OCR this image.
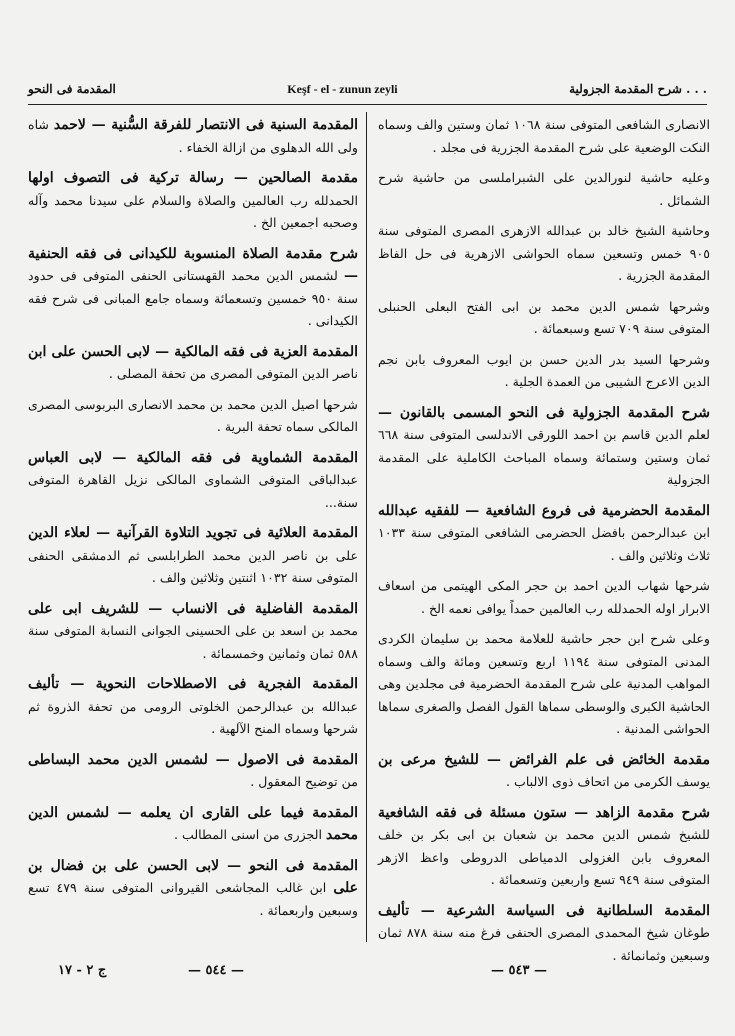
المقدمة فى النحو	Keşf - el - zunun zeyli	شرح المقدمة الجزولية . . .

الانصارى الشافعى المتوفى سنة ١٠٦٨ ثمان وستين والف وسماه النكت الوضعية على شرح المقدمة الجزرية فى مجلد .

وعليه حاشية لنورالدين على الشبراملسى من حاشية شرح الشمائل .

وحاشية الشيخ خالد بن عبدالله الازهرى المصرى المتوفى سنة ٩٠٥ خمس وتسعين سماه الحواشى الازهرية فى حل الفاظ المقدمة الجزرية .

وشرحها شمس الدين محمد بن ابى الفتح البعلى الحنبلى المتوفى سنة ٧٠٩ تسع وسبعمائة .

وشرحها السيد بدر الدين حسن بن ايوب المعروف بابن نجم الدين الاعرج الشيبى من العمدة الجلية .

شرح المقدمة الجزولية فى النحو المسمى بالقانون — لعلم الدين قاسم بن احمد اللورقى الاندلسى المتوفى سنة ٦٦٨ ثمان وستين وستمائة وسماه المباحث الكاملية على المقدمة الجزولية

المقدمة الحضرمية فى فروع الشافعية — للفقيه عبدالله ابن عبدالرحمن بافضل الحضرمى الشافعى المتوفى سنة ١٠٣٣ ثلاث وثلاثين والف .

شرحها شهاب الدين احمد بن حجر المكى الهيتمى من اسعاف الابرار اوله الحمدلله رب العالمين حمداً يوافى نعمه الخ .

وعلى شرح ابن حجر حاشية للعلامة محمد بن سليمان الكردى المدنى المتوفى سنة ١١٩٤ اربع وتسعين ومائة والف وسماه المواهب المدنية على شرح المقدمة الحضرمية فى مجلدين وهى الحاشية الكبرى والوسطى سماها القول الفصل والصغرى سماها الحواشى المدنية .

مقدمة الخائض فى علم الفرائض — للشيخ مرعى بن يوسف الكرمى من اتحاف ذوى الالباب .

شرح مقدمة الزاهد — ستون مسئلة فى فقه الشافعية للشيخ شمس الدين محمد بن شعبان بن ابى بكر بن خلف المعروف بابن الغزولى الدمياطى الدروطى واعظ الازهر المتوفى سنة ٩٤٩ تسع واربعين وتسعمائة .

المقدمة السلطانية فى السياسة الشرعية — تأليف طوغان شيخ المحمدى المصرى الحنفى فرغ منه سنة ٨٧٨ ثمان وسبعين وثمانمائة .

المقدمة السنية فى الانتصار للفرقة السُّنية — لاحمد شاه ولى الله الدهلوى من ازالة الخفاء .

مقدمة الصالحين — رسالة تركية فى التصوف اولها الحمدلله رب العالمين والصلاة والسلام على سيدنا محمد وآله وصحبه اجمعين الخ .

شرح مقدمة الصلاة المنسوبة للكيدانى فى فقه الحنفية — لشمس الدين محمد القهستانى الحنفى المتوفى فى حدود سنة ٩٥٠ خمسين وتسعمائة وسماه جامع المبانى فى شرح فقه الكيدانى .

المقدمة العزية فى فقه المالكية — لابى الحسن على ابن ناصر الدين المتوفى المصرى من تحفة المصلى .

شرحها اصيل الدين محمد بن محمد الانصارى البربوسى المصرى المالكى سماه تحفة البرية .

المقدمة الشماوية فى فقه المالكية — لابى العباس عبدالباقى المتوفى الشماوى المالكى نزيل القاهرة المتوفى سنة...

المقدمة العلائية فى تجويد التلاوة القرآنية — لعلاء الدين على بن ناصر الدين محمد الطرابلسى ثم الدمشقى الحنفى المتوفى سنة ١٠٣٢ اثنتين وثلاثين والف .

المقدمة الفاضلية فى الانساب — للشريف ابى على محمد بن اسعد بن على الحسينى الجوانى النسابة المتوفى سنة ٥٨٨ ثمان وثمانين وخمسمائة .

المقدمة الفجرية فى الاصطلاحات النحوية — تأليف عبدالله بن عبدالرحمن الخلوتى الرومى من تحفة الذروة ثم شرحها وسماه المنح الآلهية .

المقدمة فى الاصول — لشمس الدين محمد البساطى من توضيح المعقول .

المقدمة فيما على القارى ان يعلمه — لشمس الدين محمد الجزرى من اسنى المطالب .

المقدمة فى النحو — لابى الحسن على بن فضال بن على ابن غالب المجاشعى القيروانى المتوفى سنة ٤٧٩ تسع وسبعين واربعمائة .

ج ٢ - ١٧	— ٥٤٤ —	— ٥٤٣ —
